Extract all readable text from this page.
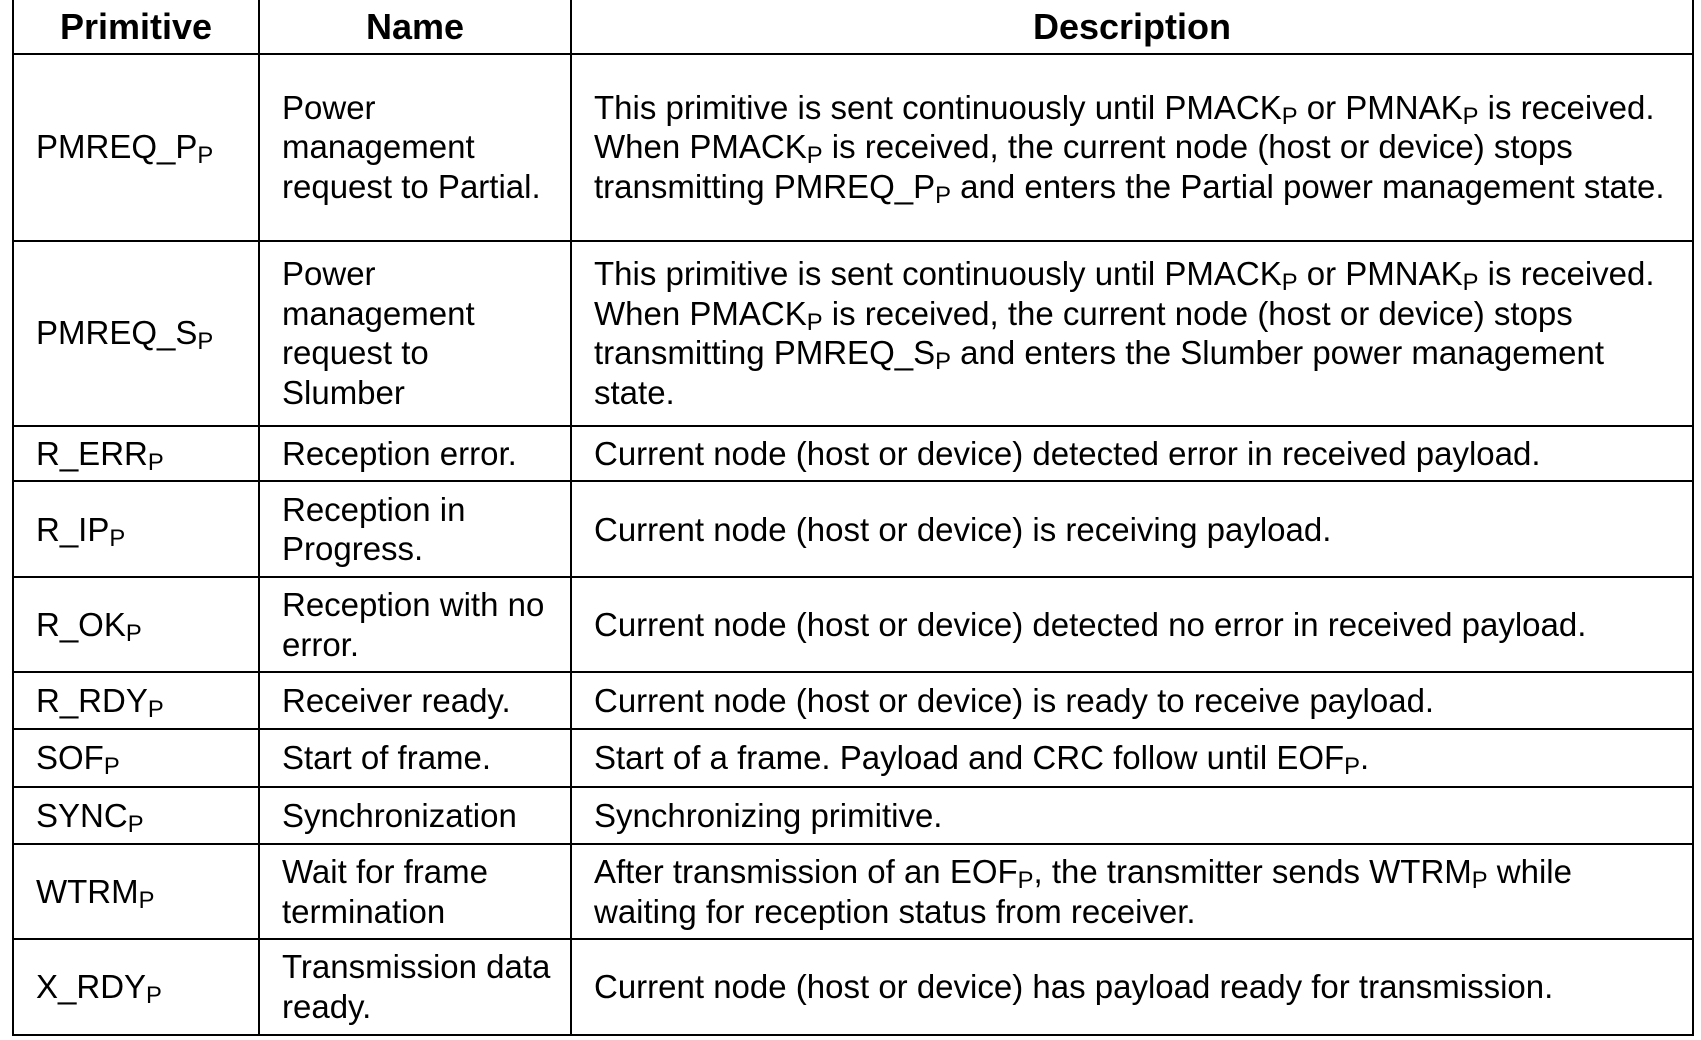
Primitive	Name	Description
$PMREQ\_P_P$	Power management request to Partial.	This primitive is sent continuously until $PMACK_P$ or $PMNAK_P$ is received. When $PMACK_P$ is received, the current node (host or device) stops transmitting $PMREQ\_P_P$ and enters the Partial power management state.
$PMREQ\_S_P$	Power management request to Slumber	This primitive is sent continuously until $PMACK_P$ or $PMNAK_P$ is received. When $PMACK_P$ is received, the current node (host or device) stops transmitting $PMREQ\_S_P$ and enters the Slumber power management state.
$R\_ERR_P$	Reception error.	Current node (host or device) detected error in received payload.
$R\_IP_P$	Reception in Progress.	Current node (host or device) is receiving payload.
$R\_OK_P$	Reception with no error.	Current node (host or device) detected no error in received payload.
$R\_RDY_P$	Receiver ready.	Current node (host or device) is ready to receive payload.
$SOF_P$	Start of frame.	Start of a frame. Payload and CRC follow until $EOF_P$.
$SYNC_P$	Synchronization	Synchronizing primitive.
$WTRM_P$	Wait for frame termination	After transmission of an $EOF_P$, the transmitter sends $WTRM_P$ while waiting for reception status from receiver.
$X\_RDY_P$	Transmission data ready.	Current node (host or device) has payload ready for transmission.
